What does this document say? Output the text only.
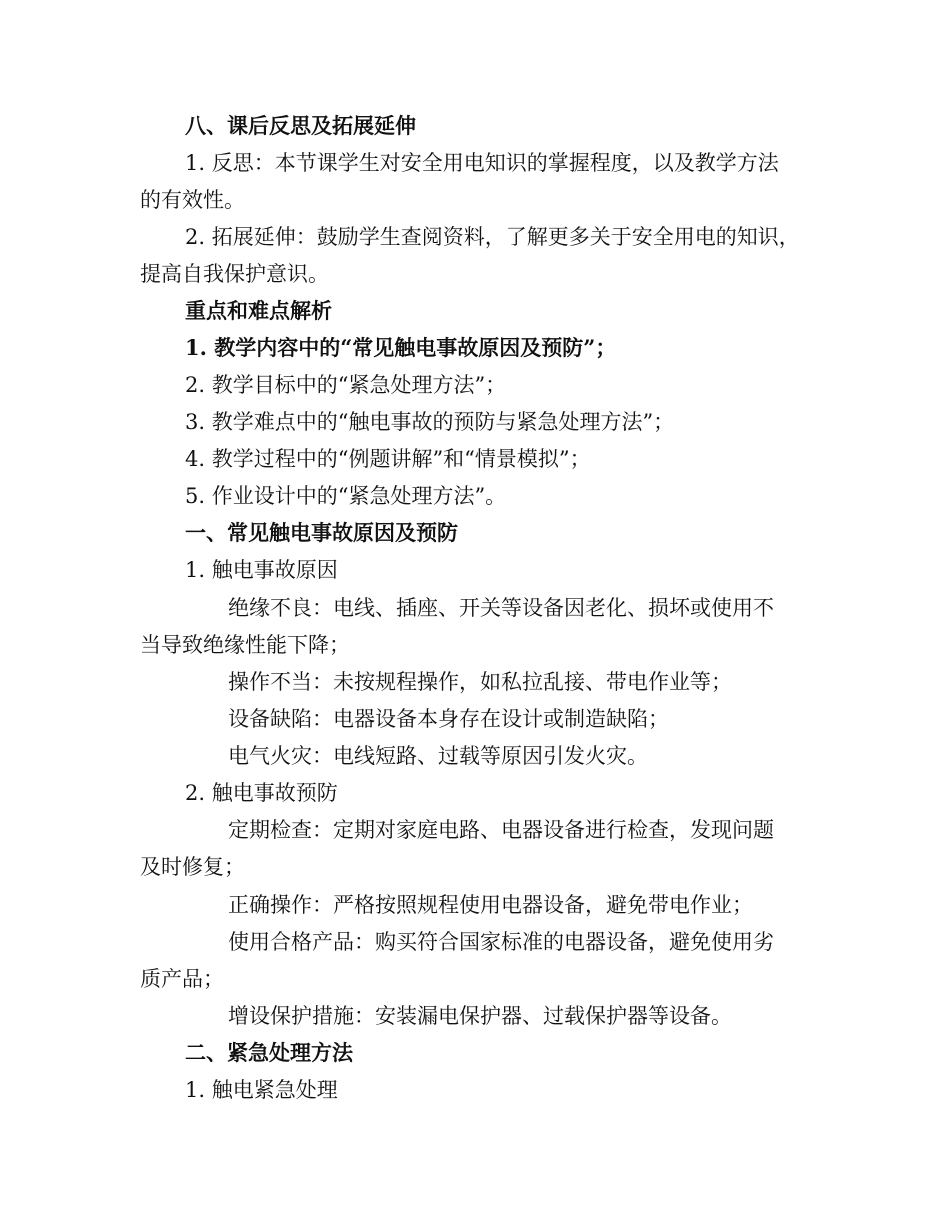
八、课后反思及拓展延伸
1. 反思：本节课学生对安全用电知识的掌握程度，以及教学方法
的有效性。
2. 拓展延伸：鼓励学生查阅资料，了解更多关于安全用电的知识，
提高自我保护意识。
重点和难点解析
1. 教学内容中的“常见触电事故原因及预防”；
2. 教学目标中的“紧急处理方法”；
3. 教学难点中的“触电事故的预防与紧急处理方法”；
4. 教学过程中的“例题讲解”和“情景模拟”；
5. 作业设计中的“紧急处理方法”。
一、常见触电事故原因及预防
1. 触电事故原因
绝缘不良：电线、插座、开关等设备因老化、损坏或使用不
当导致绝缘性能下降；
操作不当：未按规程操作，如私拉乱接、带电作业等；
设备缺陷：电器设备本身存在设计或制造缺陷；
电气火灾：电线短路、过载等原因引发火灾。
2. 触电事故预防
定期检查：定期对家庭电路、电器设备进行检查，发现问题
及时修复；
正确操作：严格按照规程使用电器设备，避免带电作业；
使用合格产品：购买符合国家标准的电器设备，避免使用劣
质产品；
增设保护措施：安装漏电保护器、过载保护器等设备。
二、紧急处理方法
1. 触电紧急处理
